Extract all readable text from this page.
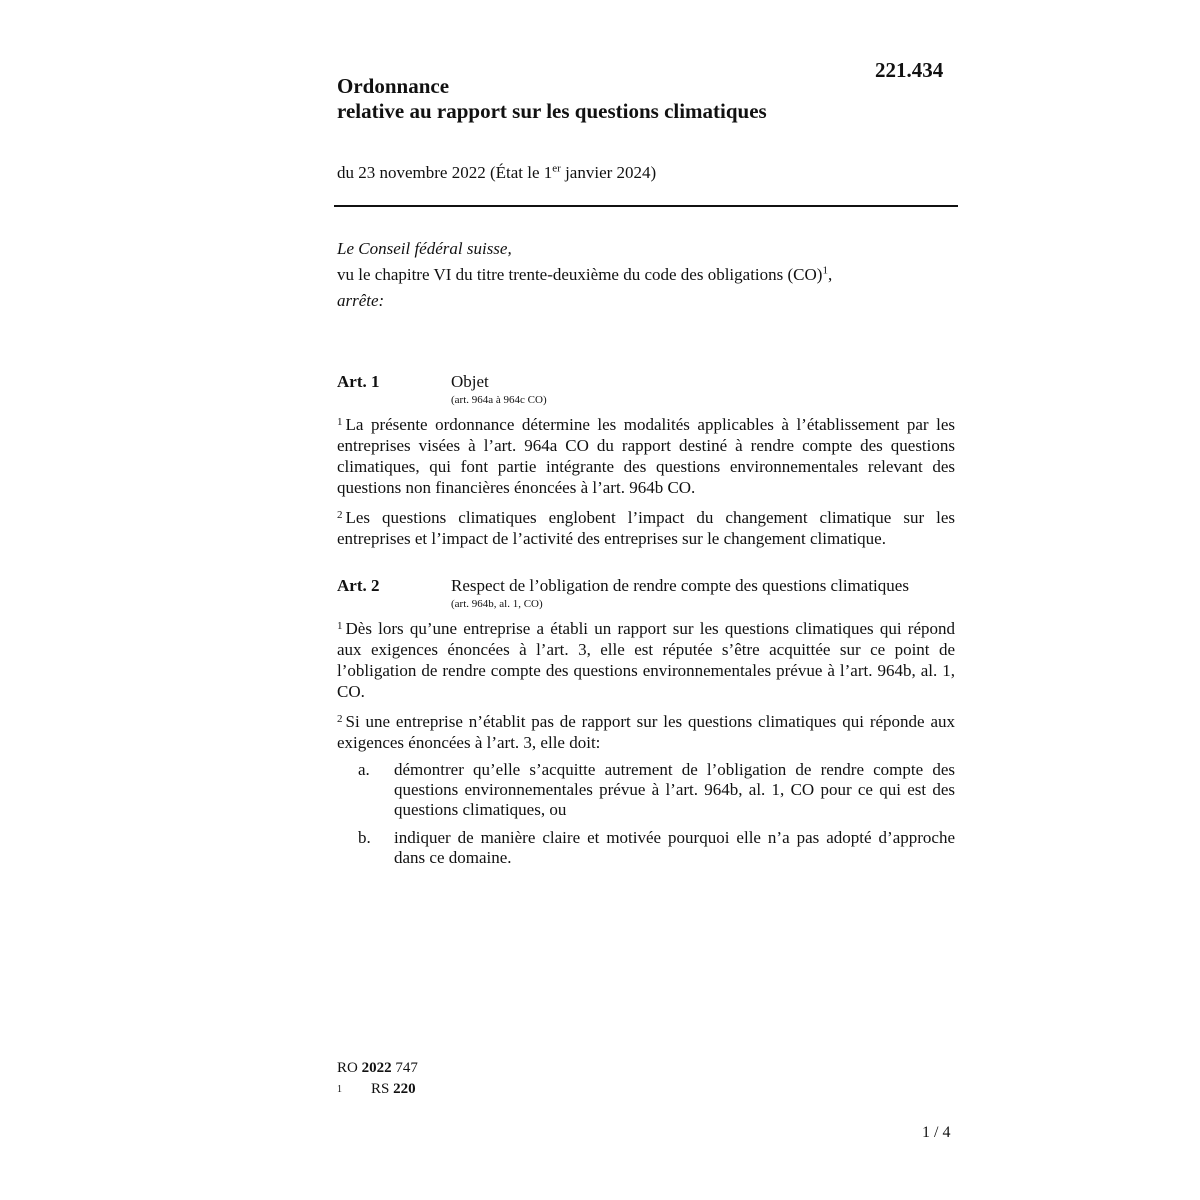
221.434
Ordonnance
relative au rapport sur les questions climatiques
du 23 novembre 2022 (État le 1er janvier 2024)
Le Conseil fédéral suisse,
vu le chapitre VI du titre trente-deuxième du code des obligations (CO)$^1$,
arrête:
Art. 1	Objet
(art. 964a à 964c CO)

$^1$ La présente ordonnance détermine les modalités applicables à l’établissement par les entreprises visées à l’art. 964a CO du rapport destiné à rendre compte des questions climatiques, qui font partie intégrante des questions environnementales relevant des questions non financières énoncées à l’art. 964b CO.

$^2$ Les questions climatiques englobent l’impact du changement climatique sur les entreprises et l’impact de l’activité des entreprises sur le changement climatique.

Art. 2	Respect de l’obligation de rendre compte des questions climatiques
(art. 964b, al. 1, CO)

$^1$ Dès lors qu’une entreprise a établi un rapport sur les questions climatiques qui répond aux exigences énoncées à l’art. 3, elle est réputée s’être acquittée sur ce point de l’obligation de rendre compte des questions environnementales prévue à l’art. 964b, al. 1, CO.

$^2$ Si une entreprise n’établit pas de rapport sur les questions climatiques qui réponde aux exigences énoncées à l’art. 3, elle doit:

a. démontrer qu’elle s’acquitte autrement de l’obligation de rendre compte des questions environnementales prévue à l’art. 964b, al. 1, CO pour ce qui est des questions climatiques, ou
b. indiquer de manière claire et motivée pourquoi elle n’a pas adopté d’approche dans ce domaine.
RO 2022 747
1	RS 220
1 / 4
